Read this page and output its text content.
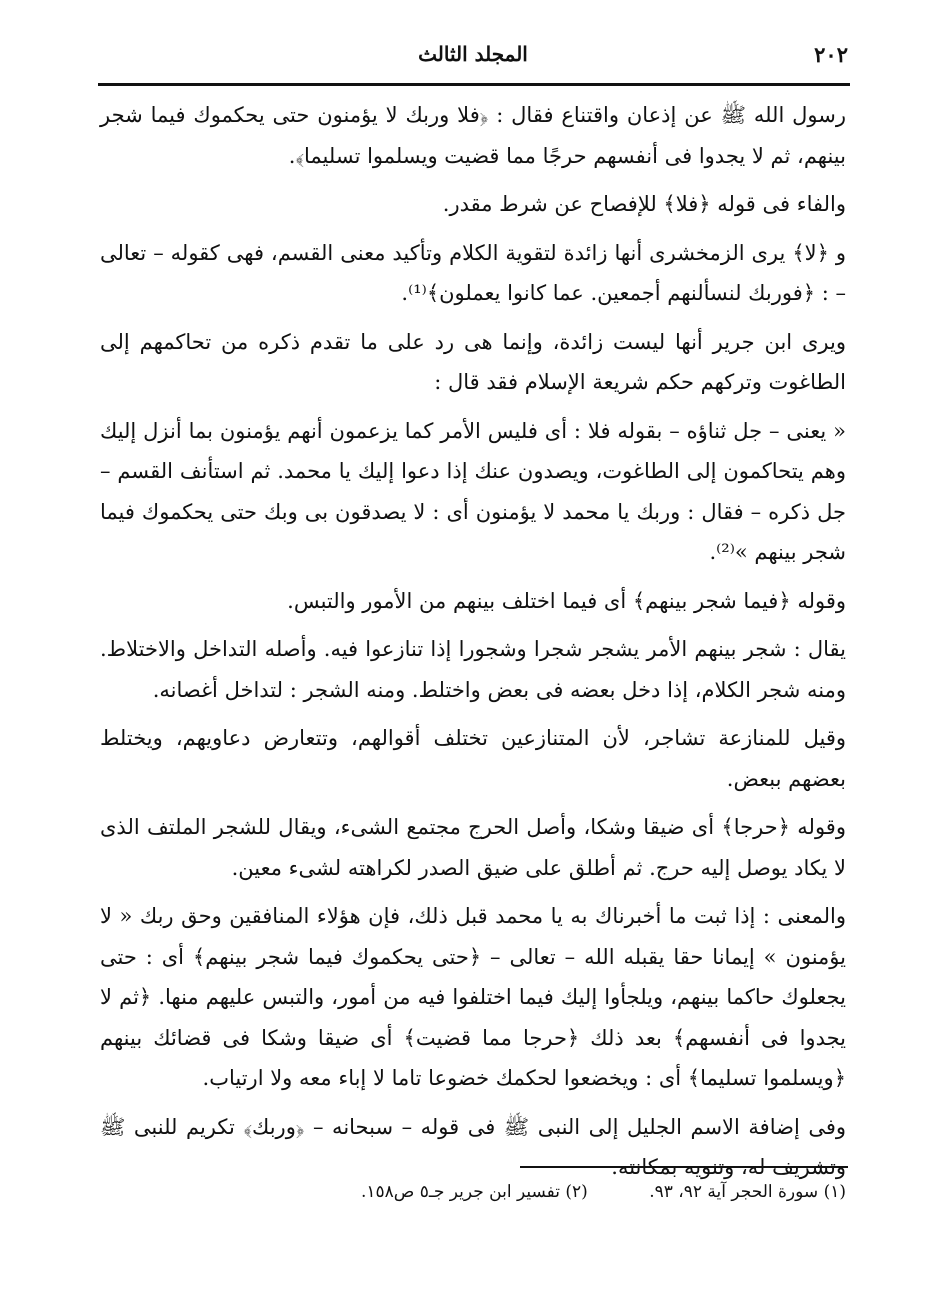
٢٠٢
المجلد الثالث

رسول الله ﷺ عن إذعان واقتناع فقال : ﴿فلا وربك لا يؤمنون حتى يحكموك فيما شجر بينهم، ثم لا يجدوا فى أنفسهم حرجًا مما قضيت ويسلموا تسليما﴾.

والفاء فى قوله ﴿فلا﴾ للإفصاح عن شرط مقدر.

و ﴿لا﴾ يرى الزمخشرى أنها زائدة لتقوية الكلام وتأكيد معنى القسم، فهى كقوله – تعالى – : ﴿فوربك لنسألنهم أجمعين. عما كانوا يعملون﴾⁽¹⁾.

ويرى ابن جرير أنها ليست زائدة، وإنما هى رد على ما تقدم ذكره من تحاكمهم إلى الطاغوت وتركهم حكم شريعة الإسلام فقد قال :

« يعنى – جل ثناؤه – بقوله فلا : أى فليس الأمر كما يزعمون أنهم يؤمنون بما أنزل إليك وهم يتحاكمون إلى الطاغوت، ويصدون عنك إذا دعوا إليك يا محمد. ثم استأنف القسم – جل ذكره – فقال : وربك يا محمد لا يؤمنون أى : لا يصدقون بى وبك حتى يحكموك فيما شجر بينهم »⁽²⁾.

وقوله ﴿فيما شجر بينهم﴾ أى فيما اختلف بينهم من الأمور والتبس.

يقال : شجر بينهم الأمر يشجر شجرا وشجورا إذا تنازعوا فيه. وأصله التداخل والاختلاط. ومنه شجر الكلام، إذا دخل بعضه فى بعض واختلط. ومنه الشجر : لتداخل أغصانه.

وقيل للمنازعة تشاجر، لأن المتنازعين تختلف أقوالهم، وتتعارض دعاويهم، ويختلط بعضهم ببعض.

وقوله ﴿حرجا﴾ أى ضيقا وشكا، وأصل الحرج مجتمع الشىء، ويقال للشجر الملتف الذى لا يكاد يوصل إليه حرج. ثم أطلق على ضيق الصدر لكراهته لشىء معين.

والمعنى : إذا ثبت ما أخبرناك به يا محمد قبل ذلك، فإن هؤلاء المنافقين وحق ربك « لا يؤمنون » إيمانا حقا يقبله الله – تعالى – ﴿حتى يحكموك فيما شجر بينهم﴾ أى : حتى يجعلوك حاكما بينهم، ويلجأوا إليك فيما اختلفوا فيه من أمور، والتبس عليهم منها. ﴿ثم لا يجدوا فى أنفسهم﴾ بعد ذلك ﴿حرجا مما قضيت﴾ أى ضيقا وشكا فى قضائك بينهم ﴿ويسلموا تسليما﴾ أى : ويخضعوا لحكمك خضوعا تاما لا إباء معه ولا ارتياب.

وفى إضافة الاسم الجليل إلى النبى ﷺ فى قوله – سبحانه – ﴿وربك﴾ تكريم للنبى ﷺ وتشريف له، وتنويه بمكانته.

(١) سورة الحجر آية ٩٢، ٩٣. (٢) تفسير ابن جرير جـ٥ ص١٥٨.
